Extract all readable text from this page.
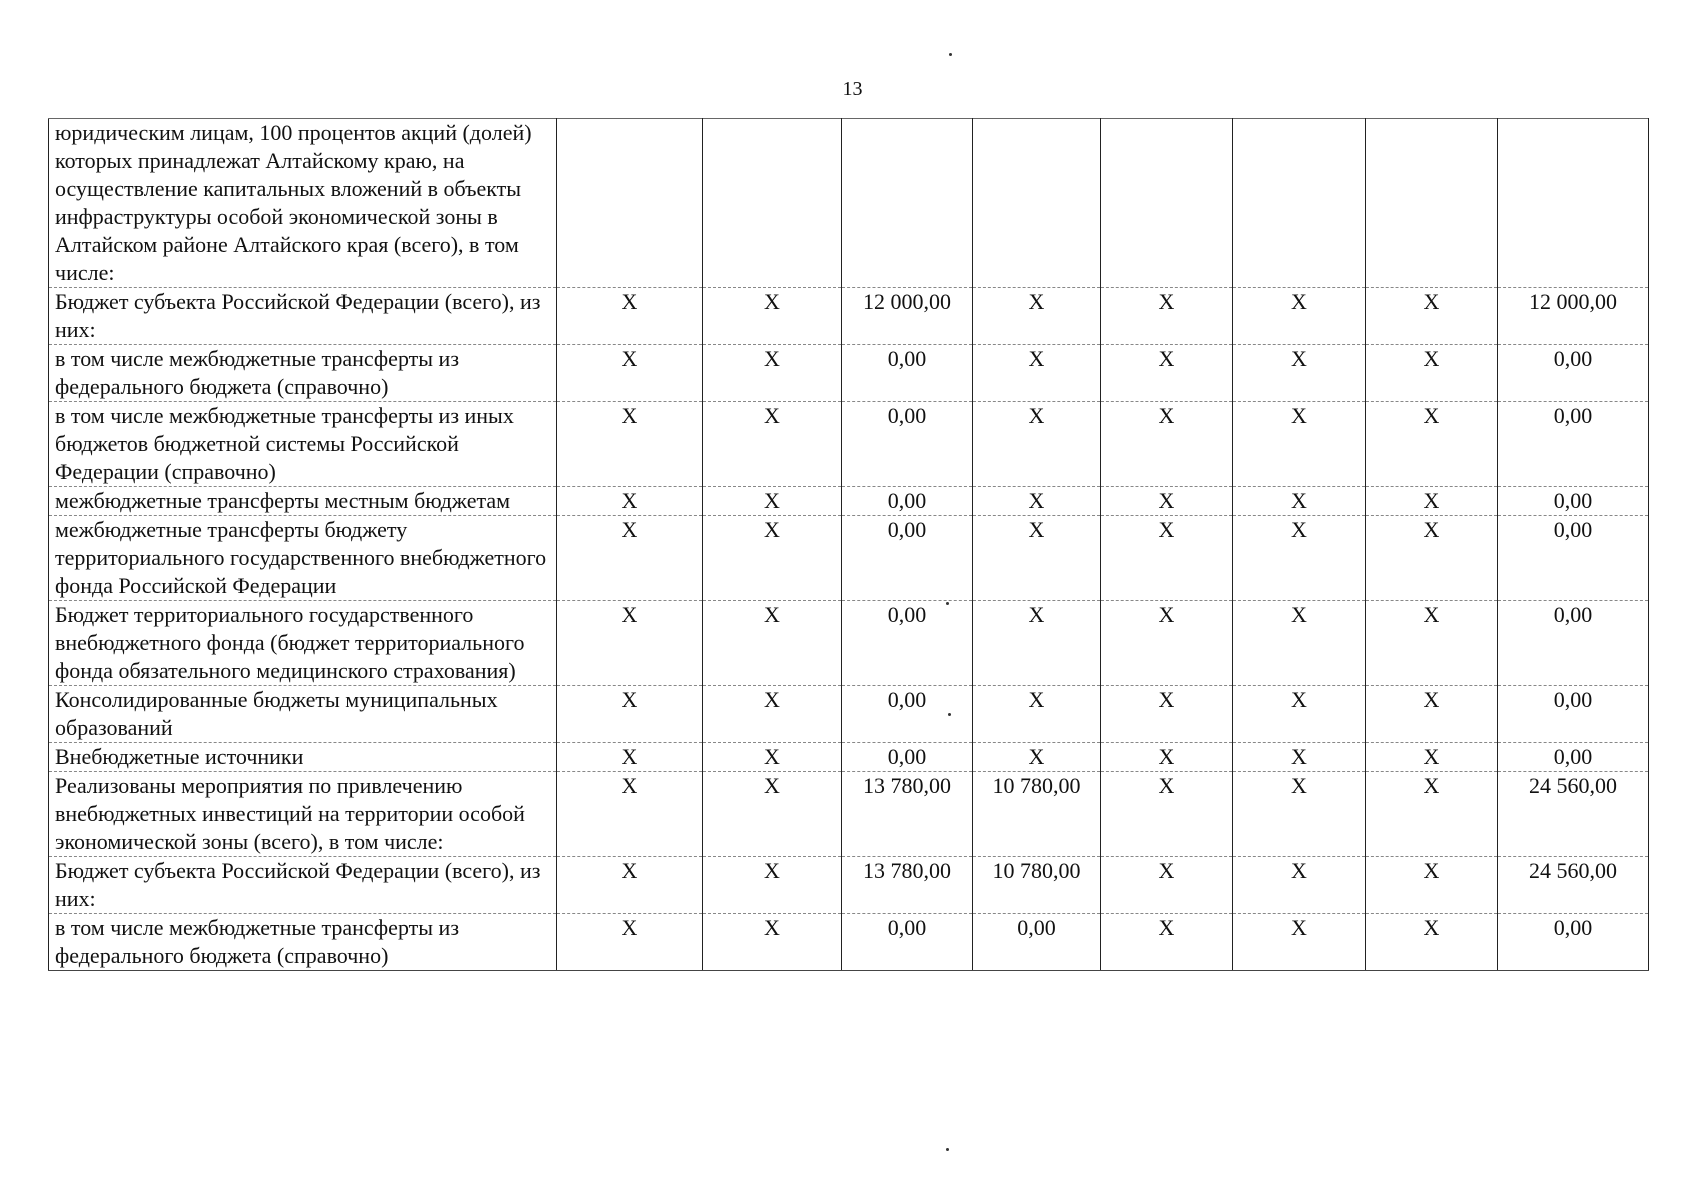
13
юридическим лицам, 100 процентов акций (долей) которых принадлежат Алтайскому краю, на осуществление капитальных вложений в объекты инфраструктуры особой экономической зоны в Алтайском районе Алтайского края (всего), в том числе:								
Бюджет субъекта Российской Федерации (всего), из них:	X	X	12 000,00	X	X	X	X	12 000,00
в том числе межбюджетные трансферты из федерального бюджета (справочно)	X	X	0,00	X	X	X	X	0,00
в том числе межбюджетные трансферты из иных бюджетов бюджетной системы Российской Федерации (справочно)	X	X	0,00	X	X	X	X	0,00
межбюджетные трансферты местным бюджетам	X	X	0,00	X	X	X	X	0,00
межбюджетные трансферты бюджету территориального государственного внебюджетного фонда Российской Федерации	X	X	0,00	X	X	X	X	0,00
Бюджет территориального государственного внебюджетного фонда (бюджет территориального фонда обязательного медицинского страхования)	X	X	0,00	X	X	X	X	0,00
Консолидированные бюджеты муниципальных образований	X	X	0,00	X	X	X	X	0,00
Внебюджетные источники	X	X	0,00	X	X	X	X	0,00
Реализованы мероприятия по привлечению внебюджетных инвестиций на территории особой экономической зоны (всего), в том числе:	X	X	13 780,00	10 780,00	X	X	X	24 560,00
Бюджет субъекта Российской Федерации (всего), из них:	X	X	13 780,00	10 780,00	X	X	X	24 560,00
в том числе межбюджетные трансферты из федерального бюджета (справочно)	X	X	0,00	0,00	X	X	X	0,00
